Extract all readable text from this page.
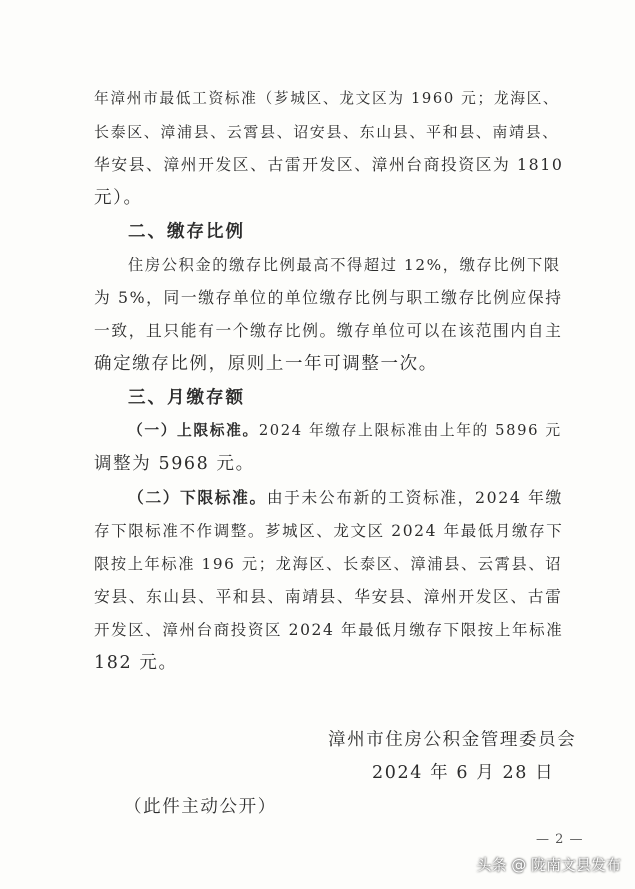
年漳州市最低工资标准（芗城区、龙文区为 1960 元；龙海区、
长泰区、漳浦县、云霄县、诏安县、东山县、平和县、南靖县、
华安县、漳州开发区、古雷开发区、漳州台商投资区为 1810
元）。
二、缴存比例
住房公积金的缴存比例最高不得超过 12%，缴存比例下限
为 5%，同一缴存单位的单位缴存比例与职工缴存比例应保持
一致，且只能有一个缴存比例。缴存单位可以在该范围内自主
确定缴存比例，原则上一年可调整一次。
三、月缴存额
（一）上限标准。2024 年缴存上限标准由上年的 5896 元
调整为 5968 元。
（二）下限标准。由于未公布新的工资标准，2024 年缴
存下限标准不作调整。芗城区、龙文区 2024 年最低月缴存下
限按上年标准 196 元；龙海区、长泰区、漳浦县、云霄县、诏
安县、东山县、平和县、南靖县、华安县、漳州开发区、古雷
开发区、漳州台商投资区 2024 年最低月缴存下限按上年标准
182 元。
漳州市住房公积金管理委员会
2024 年 6 月 28 日
（此件主动公开）
— 2 —
头条 @ 陇南文县发布
